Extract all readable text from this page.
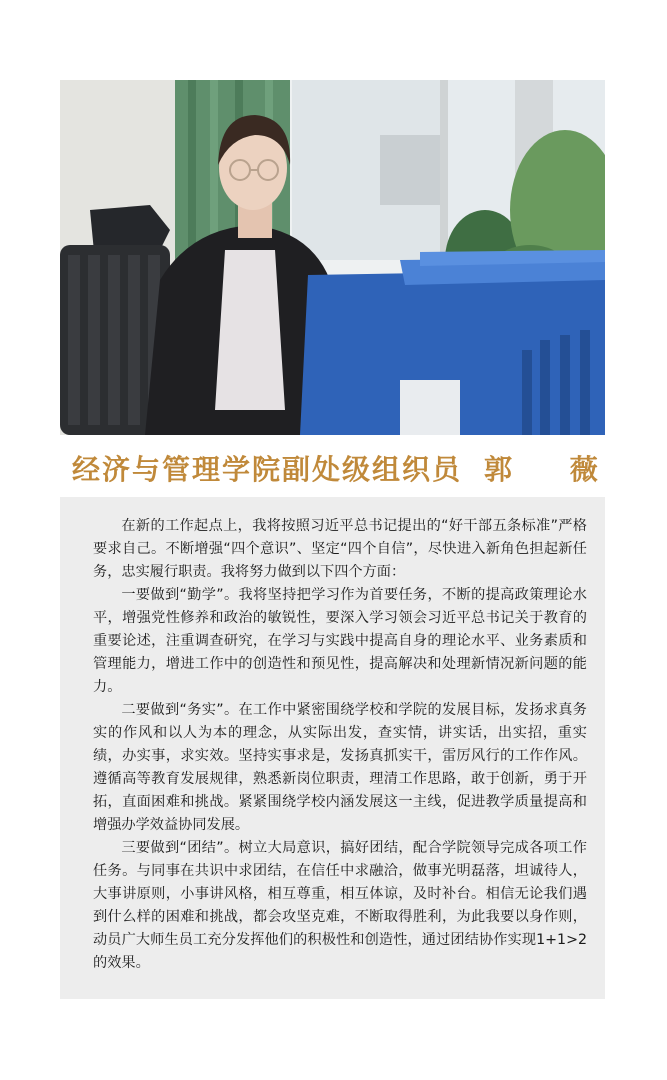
经济与管理学院副处级组织员 郭 薇

在新的工作起点上，我将按照习近平总书记提出的“好干部五条标准”严格要求自己。不断增强“四个意识”、坚定“四个自信”，尽快进入新角色担起新任务，忠实履行职责。我将努力做到以下四个方面：

一要做到“勤学”。我将坚持把学习作为首要任务，不断的提高政策理论水平，增强党性修养和政治的敏锐性，要深入学习领会习近平总书记关于教育的重要论述，注重调查研究，在学习与实践中提高自身的理论水平、业务素质和管理能力，增进工作中的创造性和预见性，提高解决和处理新情况新问题的能力。

二要做到“务实”。在工作中紧密围绕学校和学院的发展目标，发扬求真务实的作风和以人为本的理念，从实际出发，查实情，讲实话，出实招，重实绩，办实事，求实效。坚持实事求是，发扬真抓实干，雷厉风行的工作作风。遵循高等教育发展规律，熟悉新岗位职责，理清工作思路，敢于创新，勇于开拓，直面困难和挑战。紧紧围绕学校内涵发展这一主线，促进教学质量提高和增强办学效益协同发展。

三要做到“团结”。树立大局意识，搞好团结，配合学院领导完成各项工作任务。与同事在共识中求团结，在信任中求融洽，做事光明磊落，坦诚待人，大事讲原则，小事讲风格，相互尊重，相互体谅，及时补台。相信无论我们遇到什么样的困难和挑战，都会攻坚克难，不断取得胜利，为此我要以身作则，动员广大师生员工充分发挥他们的积极性和创造性，通过团结协作实现1+1>2的效果。
